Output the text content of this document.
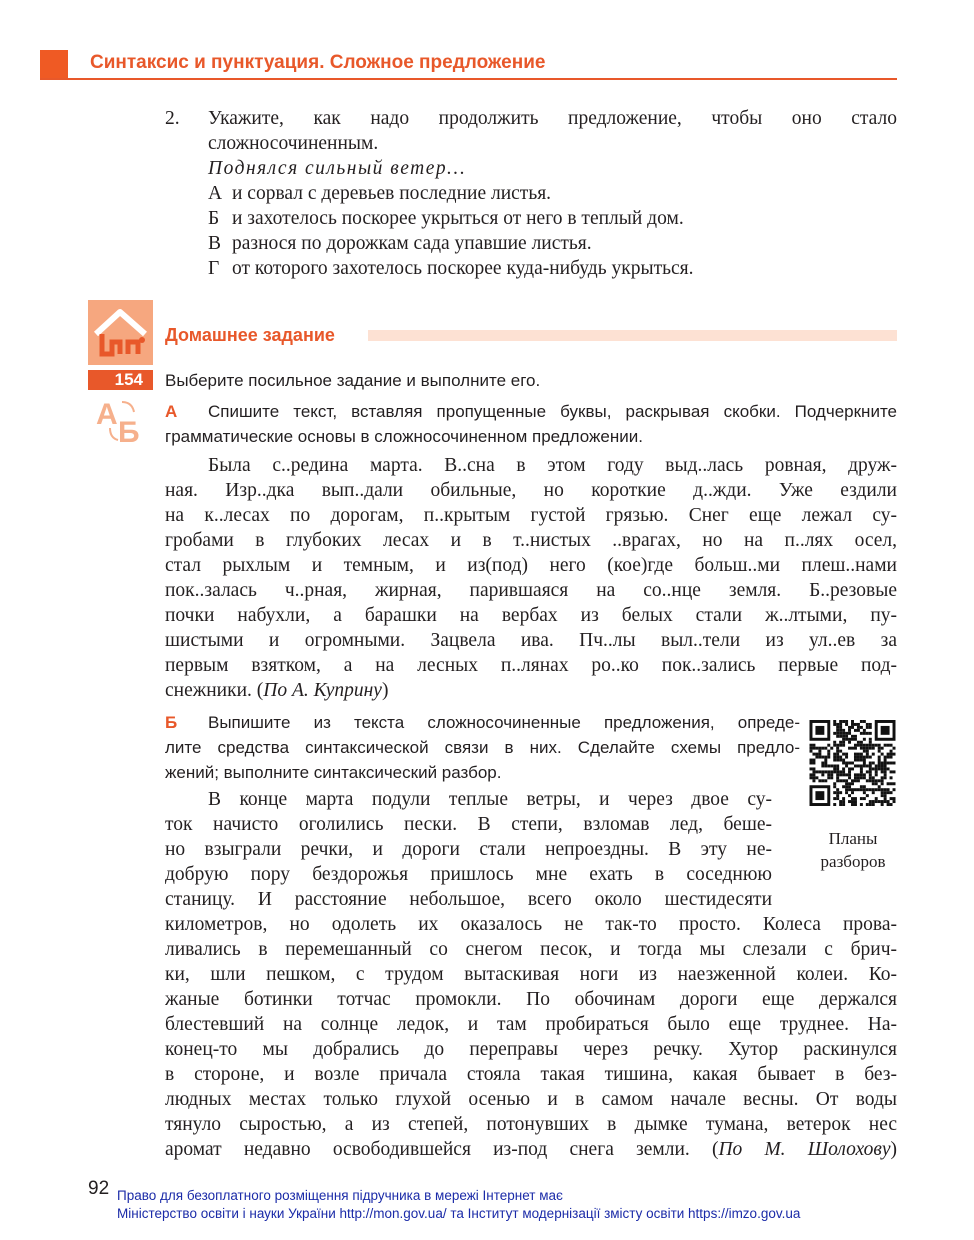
Синтаксис и пунктуация. Сложное предложение
2. Укажите, как надо продолжить предложение, чтобы оно стало
сложносочиненным.
Поднялся сильный ветер…
А и сорвал с деревьев последние листья.
Б и захотелось поскорее укрыться от него в теплый дом.
В разнося по дорожкам сада упавшие листья.
Г от которого захотелось поскорее куда-нибудь укрыться.
Домашнее задание
154	Выберите посильное задание и выполните его.
А
Б
А Спишите текст, вставляя пропущенные буквы, раскрывая скобки. Подчеркните
грамматические основы в сложносочиненном предложении.
Была с..редина марта. В..сна в этом году выд..лась ровная, друж-
ная. Изр..дка вып..дали обильные, но короткие д..жди. Уже ездили
на к..лесах по дорогам, п..крытым густой грязью. Снег еще лежал су-
гробами в глубоких лесах и в т..нистых ..врагах, но на п..лях осел,
стал рыхлым и темным, и из(под) него (кое)где больш..ми плеш..нами
пок..залась ч..рная, жирная, парившаяся на со..нце земля. Б..резовые
почки набухли, а барашки на вербах из белых стали ж..лтыми, пу-
шистыми и огромными. Зацвела ива. Пч..лы выл..тели из ул..ев за
первым взятком, а на лесных п..лянах ро..ко пок..зались первые под-
снежники. (По А. Куприну)
Б Выпишите из текста сложносочиненные предложения, опреде-
лите средства синтаксической связи в них. Сделайте схемы предло-
жений; выполните синтаксический разбор.
В конце марта подули теплые ветры, и через двое су-
ток начисто оголились пески. В степи, взломав лед, беше-
но взыграли речки, и дороги стали непроездны. В эту не-
добрую пору бездорожья пришлось мне ехать в соседнюю
станицу. И расстояние небольшое, всего около шестидесяти
километров, но одолеть их оказалось не так-то просто. Колеса прова-
ливались в перемешанный со снегом песок, и тогда мы слезали с брич-
ки, шли пешком, с трудом вытаскивая ноги из наезженной колеи. Ко-
жаные ботинки тотчас промокли. По обочинам дороги еще держался
блестевший на солнце ледок, и там пробираться было еще труднее. На-
конец-то мы добрались до переправы через речку. Хутор раскинулся
в стороне, и возле причала стояла такая тишина, какая бывает в без-
людных местах только глухой осенью и в самом начале весны. От воды
тянуло сыростью, а из степей, потонувших в дымке тумана, ветерок нес
аромат недавно освободившейся из-под снега земли. (По М. Шолохову)
Планы
разборов
92 Право для безоплатного розміщення підручника в мережі Інтернет має
Міністерство освіти і науки України http://mon.gov.ua/ та Інститут модернізації змісту освіти https://imzo.gov.ua
